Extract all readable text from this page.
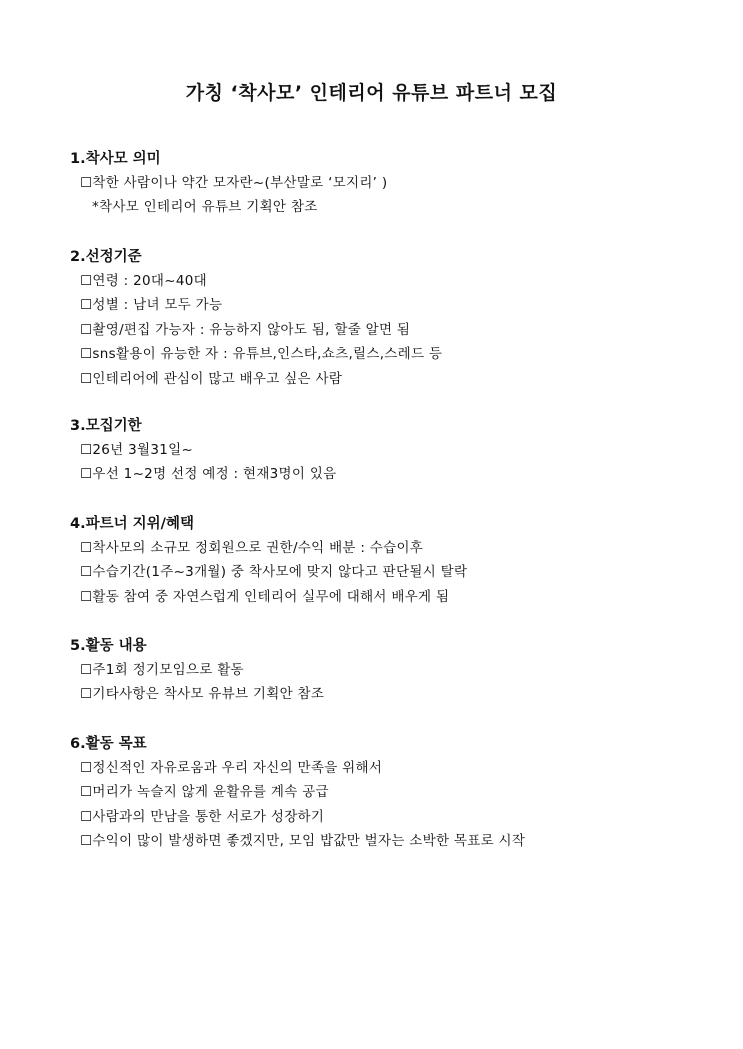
가칭 ‘착사모’ 인테리어 유튜브 파트너 모집
1.착사모 의미
☐착한 사람이나 약간 모자란~(부산말로 ‘모지리’ )
*착사모 인테리어 유튜브 기획안 참조
2.선정기준
☐연령 : 20대~40대
☐성별 : 남녀 모두 가능
☐촬영/편집 가능자 : 유능하지 않아도 됨, 할줄 알면 됨
☐sns활용이 유능한 자 : 유튜브,인스타,쇼츠,릴스,스레드 등
☐인테리어에 관심이 많고 배우고 싶은 사람
3.모집기한
☐26년 3월31일~
☐우선 1~2명 선정 예정 : 현재3명이 있음
4.파트너 지위/혜택
☐착사모의 소규모 정회원으로 권한/수익 배분 : 수습이후
☐수습기간(1주~3개월) 중 착사모에 맞지 않다고 판단될시 탈락
☐활동 참여 중 자연스럽게 인테리어 실무에 대해서 배우게 됨
5.활동 내용
☐주1회 정기모임으로 활동
☐기타사항은 착사모 유뷰브 기획안 참조
6.활동 목표
☐정신적인 자유로움과 우리 자신의 만족을 위해서
☐머리가 녹슬지 않게 윤활유를 계속 공급
☐사람과의 만남을 통한 서로가 성장하기
☐수익이 많이 발생하면 좋겠지만, 모임 밥값만 벌자는 소박한 목표로 시작
